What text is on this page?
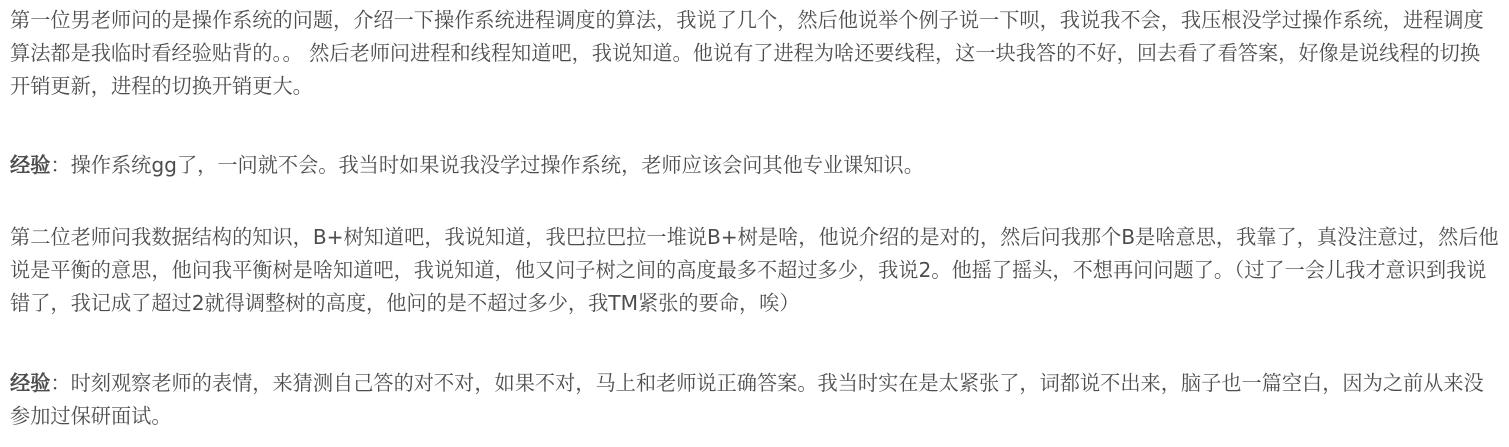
第一位男老师问的是操作系统的问题，介绍一下操作系统进程调度的算法，我说了几个，然后他说举个例子说一下呗，我说我不会，我压根没学过操作系统，进程调度算法都是我临时看经验贴背的。。 然后老师问进程和线程知道吧，我说知道。他说有了进程为啥还要线程，这一块我答的不好，回去看了看答案，好像是说线程的切换开销更新，进程的切换开销更大。

经验：操作系统gg了，一问就不会。我当时如果说我没学过操作系统，老师应该会问其他专业课知识。

第二位老师问我数据结构的知识，B+树知道吧，我说知道，我巴拉巴拉一堆说B+树是啥，他说介绍的是对的，然后问我那个B是啥意思，我靠了，真没注意过，然后他说是平衡的意思，他问我平衡树是啥知道吧，我说知道，他又问子树之间的高度最多不超过多少，我说2。他摇了摇头，不想再问问题了。（过了一会儿我才意识到我说错了，我记成了超过2就得调整树的高度，他问的是不超过多少，我TM紧张的要命，唉）

经验：时刻观察老师的表情，来猜测自己答的对不对，如果不对，马上和老师说正确答案。我当时实在是太紧张了，词都说不出来，脑子也一篇空白，因为之前从来没参加过保研面试。
